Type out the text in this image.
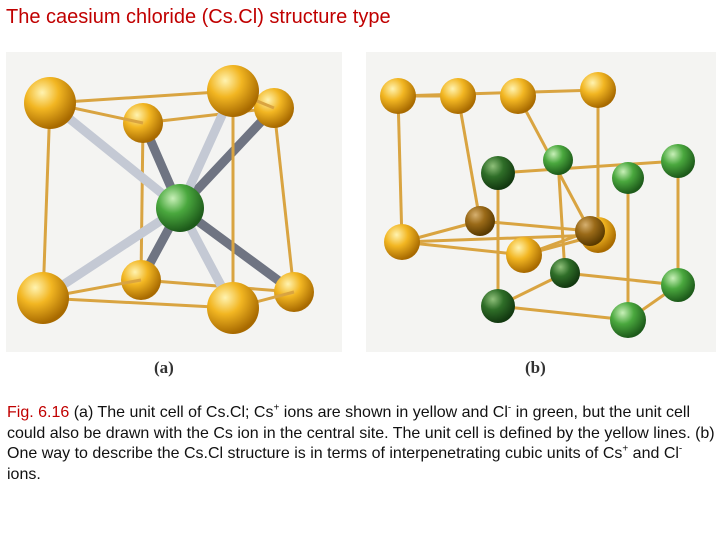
The caesium chloride (Cs.Cl) structure type
(a)	(b)
Fig. 6.16 (a) The unit cell of Cs.Cl; Cs+ ions are shown in yellow and Cl- in green, but the unit cell could also be drawn with the Cs ion in the central site. The unit cell is defined by the yellow lines. (b) One way to describe the Cs.Cl structure is in terms of interpenetrating cubic units of Cs+ and Cl- ions.
